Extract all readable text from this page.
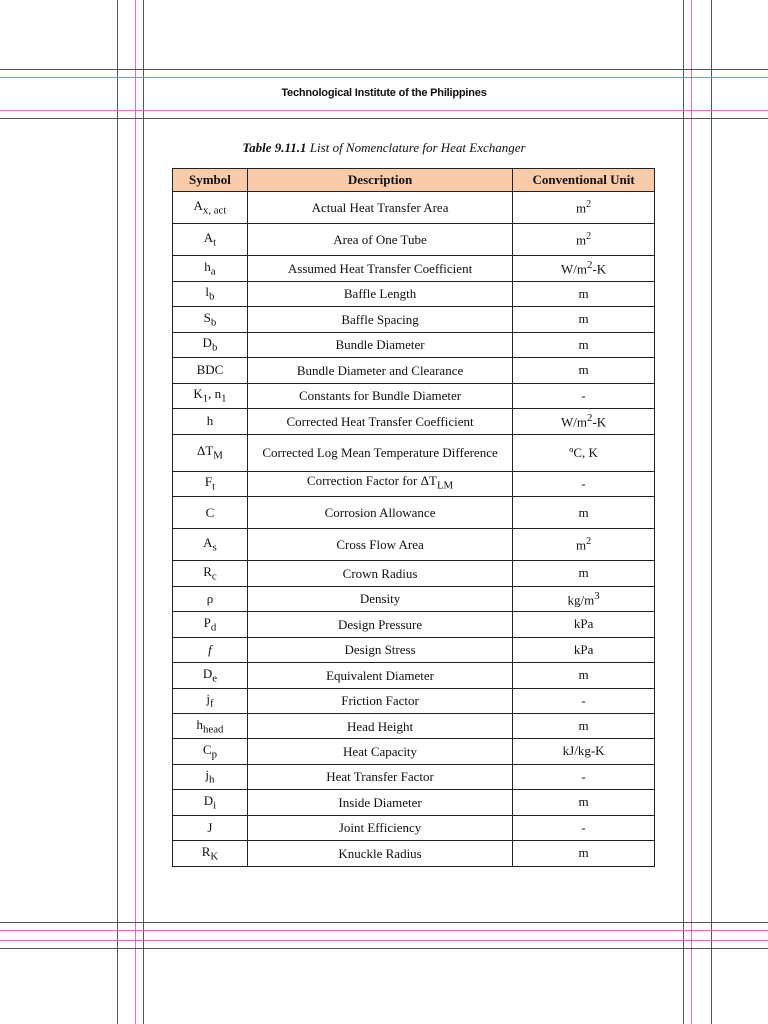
Technological Institute of the Philippines
Table 9.11.1 List of Nomenclature for Heat Exchanger
Symbol	Description	Conventional Unit
$A_{x, act}$	Actual Heat Transfer Area	$m^2$
$A_t$	Area of One Tube	$m^2$
$h_a$	Assumed Heat Transfer Coefficient	$W/m^2-K$
$l_b$	Baffle Length	m
$S_b$	Baffle Spacing	m
$D_b$	Bundle Diameter	m
BDC	Bundle Diameter and Clearance	m
$K_1$, $n_1$	Constants for Bundle Diameter	-
h	Corrected Heat Transfer Coefficient	$W/m^2-K$
$\Delta T_M$	Corrected Log Mean Temperature Difference	ºC, K
$F_t$	Correction Factor for $\Delta T_{LM}$	-
C	Corrosion Allowance	m
$A_s$	Cross Flow Area	$m^2$
$R_c$	Crown Radius	m
ρ	Density	$kg/m^3$
$P_d$	Design Pressure	kPa
f	Design Stress	kPa
$D_e$	Equivalent Diameter	m
$j_f$	Friction Factor	-
$h_{head}$	Head Height	m
$C_p$	Heat Capacity	kJ/kg-K
$j_h$	Heat Transfer Factor	-
$D_i$	Inside Diameter	m
J	Joint Efficiency	-
$R_K$	Knuckle Radius	m
